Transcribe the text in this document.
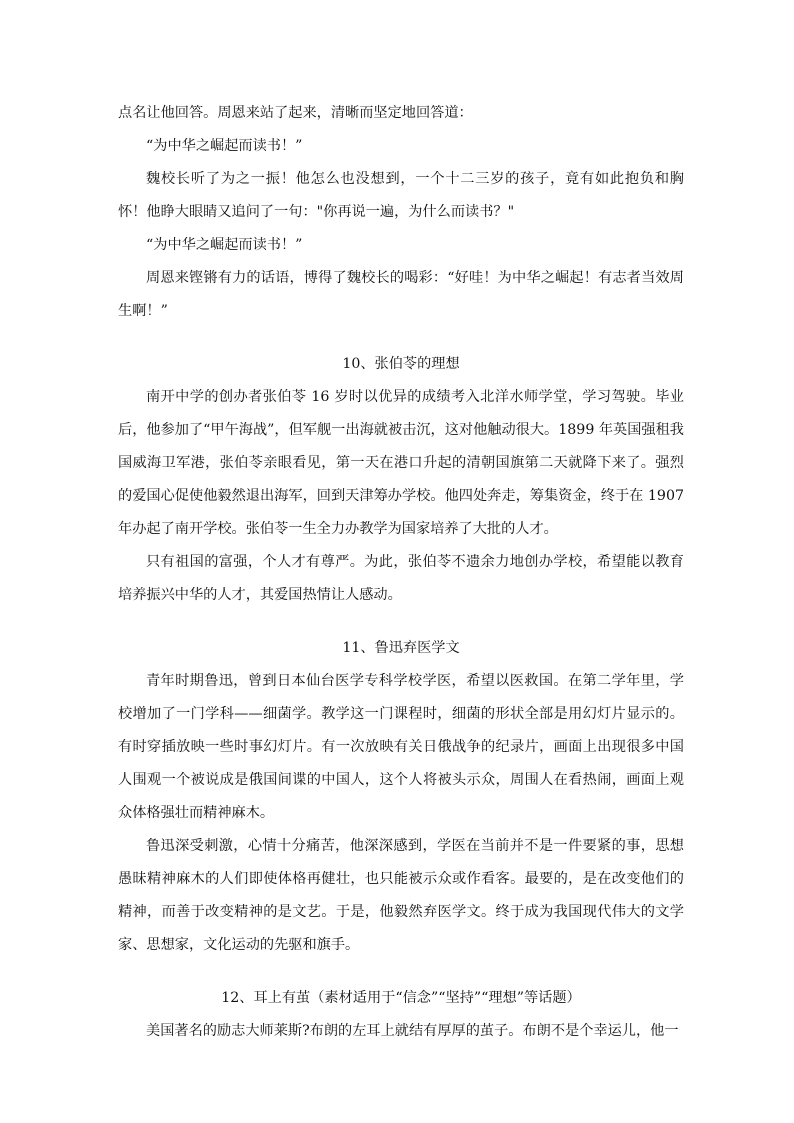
点名让他回答。周恩来站了起来，清晰而坚定地回答道：

“为中华之崛起而读书！”

魏校长听了为之一振！他怎么也没想到，一个十二三岁的孩子，竟有如此抱负和胸怀！他睁大眼睛又追问了一句："你再说一遍，为什么而读书？"

“为中华之崛起而读书！”

周恩来铿锵有力的话语，博得了魏校长的喝彩：“好哇！为中华之崛起！有志者当效周生啊！”

10、张伯苓的理想

南开中学的创办者张伯苓 16 岁时以优异的成绩考入北洋水师学堂，学习驾驶。毕业后，他参加了“甲午海战”，但军舰一出海就被击沉，这对他触动很大。1899 年英国强租我国威海卫军港，张伯苓亲眼看见，第一天在港口升起的清朝国旗第二天就降下来了。强烈的爱国心促使他毅然退出海军，回到天津筹办学校。他四处奔走，筹集资金，终于在 1907 年办起了南开学校。张伯苓一生全力办教学为国家培养了大批的人才。

只有祖国的富强，个人才有尊严。为此，张伯苓不遗余力地创办学校，希望能以教育培养振兴中华的人才，其爱国热情让人感动。

11、鲁迅弃医学文

青年时期鲁迅，曾到日本仙台医学专科学校学医，希望以医救国。在第二学年里，学校增加了一门学科——细菌学。教学这一门课程时，细菌的形状全部是用幻灯片显示的。有时穿插放映一些时事幻灯片。有一次放映有关日俄战争的纪录片，画面上出现很多中国人围观一个被说成是俄国间谍的中国人，这个人将被头示众，周围人在看热闹，画面上观众体格强壮而精神麻木。

鲁迅深受刺激，心情十分痛苦，他深深感到，学医在当前并不是一件要紧的事，思想愚昧精神麻木的人们即使体格再健壮，也只能被示众或作看客。最要的，是在改变他们的精神，而善于改变精神的是文艺。于是，他毅然弃医学文。终于成为我国现代伟大的文学家、思想家，文化运动的先驱和旗手。

12、耳上有茧（素材适用于“信念”“坚持”“理想”等话题）

美国著名的励志大师莱斯?布朗的左耳上就结有厚厚的茧子。布朗不是个幸运儿，他一
